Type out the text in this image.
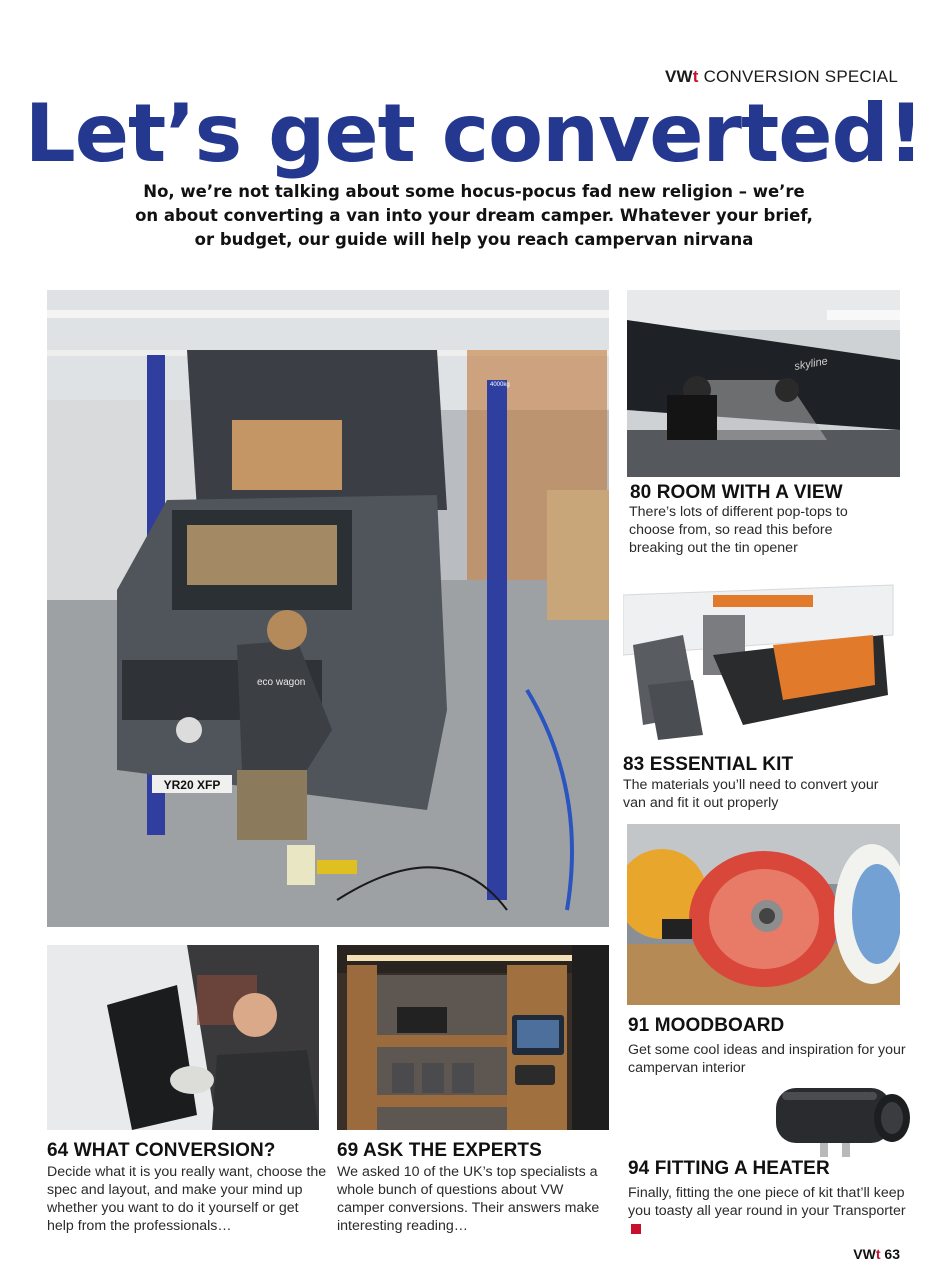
VWt CONVERSION SPECIAL
Let’s get converted!

No, we’re not talking about some hocus-pocus fad new religion – we’re on about converting a van into your dream camper. Whatever your brief, or budget, our guide will help you reach campervan nirvana

YR20 XFP
eco wagon
4000kg
skyline

80 ROOM WITH A VIEW

There’s lots of different pop-tops to choose from, so read this before breaking out the tin opener

83 ESSENTIAL KIT

The materials you’ll need to convert your van and fit it out properly

91 MOODBOARD

Get some cool ideas and inspiration for your campervan interior

94 FITTING A HEATER

Finally, fitting the one piece of kit that’ll keep you toasty all year round in your Transporter

64 WHAT CONVERSION?

Decide what it is you really want, choose the spec and layout, and make your mind up whether you want to do it yourself or get help from the professionals…

69 ASK THE EXPERTS

We asked 10 of the UK’s top specialists a whole bunch of questions about VW camper conversions. Their answers make interesting reading…

VWt 63
